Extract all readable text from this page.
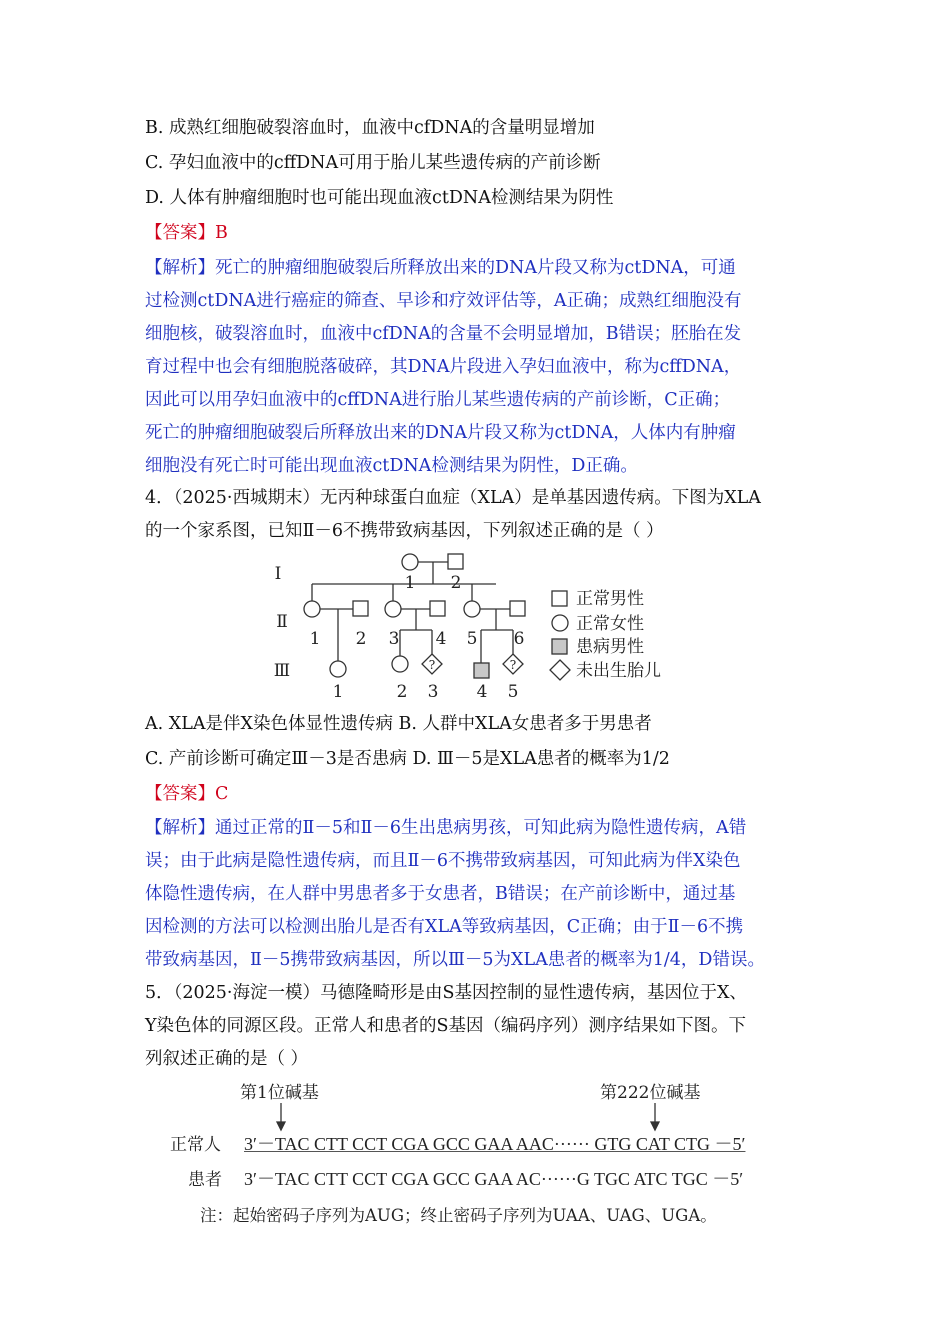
B. 成熟红细胞破裂溶血时，血液中cfDNA的含量明显增加
C. 孕妇血液中的cffDNA可用于胎儿某些遗传病的产前诊断
D. 人体有肿瘤细胞时也可能出现血液ctDNA检测结果为阴性
【答案】B
【解析】死亡的肿瘤细胞破裂后所释放出来的DNA片段又称为ctDNA，可通
过检测ctDNA进行癌症的筛查、早诊和疗效评估等，A正确；成熟红细胞没有
细胞核，破裂溶血时，血液中cfDNA的含量不会明显增加，B错误；胚胎在发
育过程中也会有细胞脱落破碎，其DNA片段进入孕妇血液中，称为cffDNA，
因此可以用孕妇血液中的cffDNA进行胎儿某些遗传病的产前诊断，C正确；
死亡的肿瘤细胞破裂后所释放出来的DNA片段又称为ctDNA，人体内有肿瘤
细胞没有死亡时可能出现血液ctDNA检测结果为阴性，D正确。
4．（2025·西城期末）无丙种球蛋白血症（XLA）是单基因遗传病。下图为XLA
的一个家系图，已知Ⅱ－6不携带致病基因，下列叙述正确的是（ ）
Ⅰ
Ⅱ
Ⅲ
1 2
1 2 3 4 5 6
1	2 3 4 5
?	?
正常男性
正常女性
患病男性
未出生胎儿
A. XLA是伴X染色体显性遗传病 B. 人群中XLA女患者多于男患者
C. 产前诊断可确定Ⅲ－3是否患病 D. Ⅲ－5是XLA患者的概率为1/2
【答案】C
【解析】通过正常的Ⅱ－5和Ⅱ－6生出患病男孩，可知此病为隐性遗传病，A错
误；由于此病是隐性遗传病，而且Ⅱ－6不携带致病基因，可知此病为伴X染色
体隐性遗传病，在人群中男患者多于女患者，B错误；在产前诊断中，通过基
因检测的方法可以检测出胎儿是否有XLA等致病基因，C正确；由于Ⅱ－6不携
带致病基因，Ⅱ－5携带致病基因，所以Ⅲ－5为XLA患者的概率为1/4，D错误。
5．（2025·海淀一模）马德隆畸形是由S基因控制的显性遗传病，基因位于X、
Y染色体的同源区段。正常人和患者的S基因（编码序列）测序结果如下图。下
列叙述正确的是（ ）
第1位碱基	第222位碱基
正常人 3′－TAC CTT CCT CGA GCC GAA AAC······ GTG CAT CTG －5′
患者 3′－TAC CTT CCT CGA GCC GAA AC······G TGC ATC TGC －5′
注：起始密码子序列为AUG；终止密码子序列为UAA、UAG、UGA。
